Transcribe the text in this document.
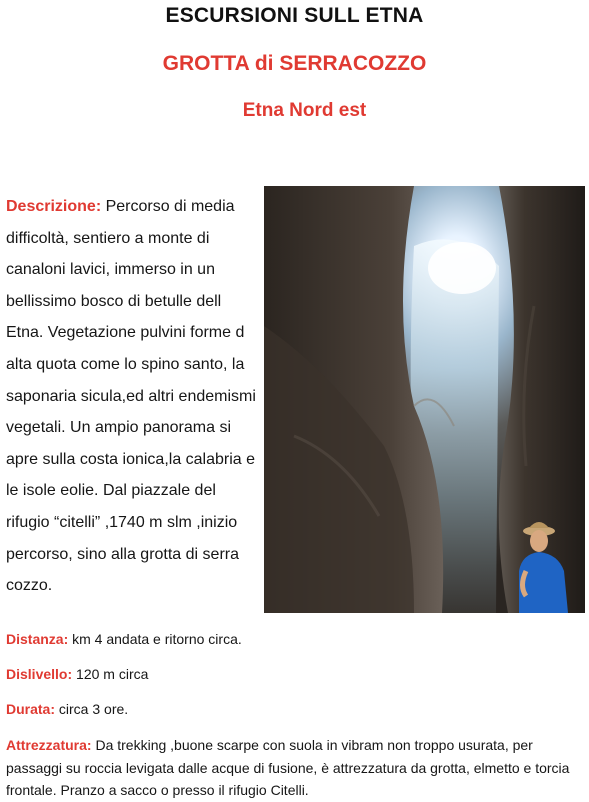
ESCURSIONI SULL ETNA
GROTTA di SERRACOZZO
Etna Nord est
Descrizione: Percorso di media difficoltà, sentiero a monte di canaloni lavici, immerso in un bellissimo bosco di betulle dell Etna. Vegetazione pulvini forme d alta quota come lo spino santo, la saponaria sicula,ed altri endemismi vegetali. Un ampio panorama si apre sulla costa ionica,la calabria e le isole eolie. Dal piazzale del rifugio “citelli” ,1740 m slm ,inizio percorso, sino alla grotta di serra cozzo.
Distanza: km 4 andata e ritorno circa.
Dislivello: 120 m circa
Durata: circa 3 ore.
Attrezzatura: Da trekking ,buone scarpe con suola in vibram non troppo usurata, per passaggi su roccia levigata dalle acque di fusione, è attrezzatura da grotta, elmetto e torcia frontale. Pranzo a sacco o presso il rifugio Citelli.
